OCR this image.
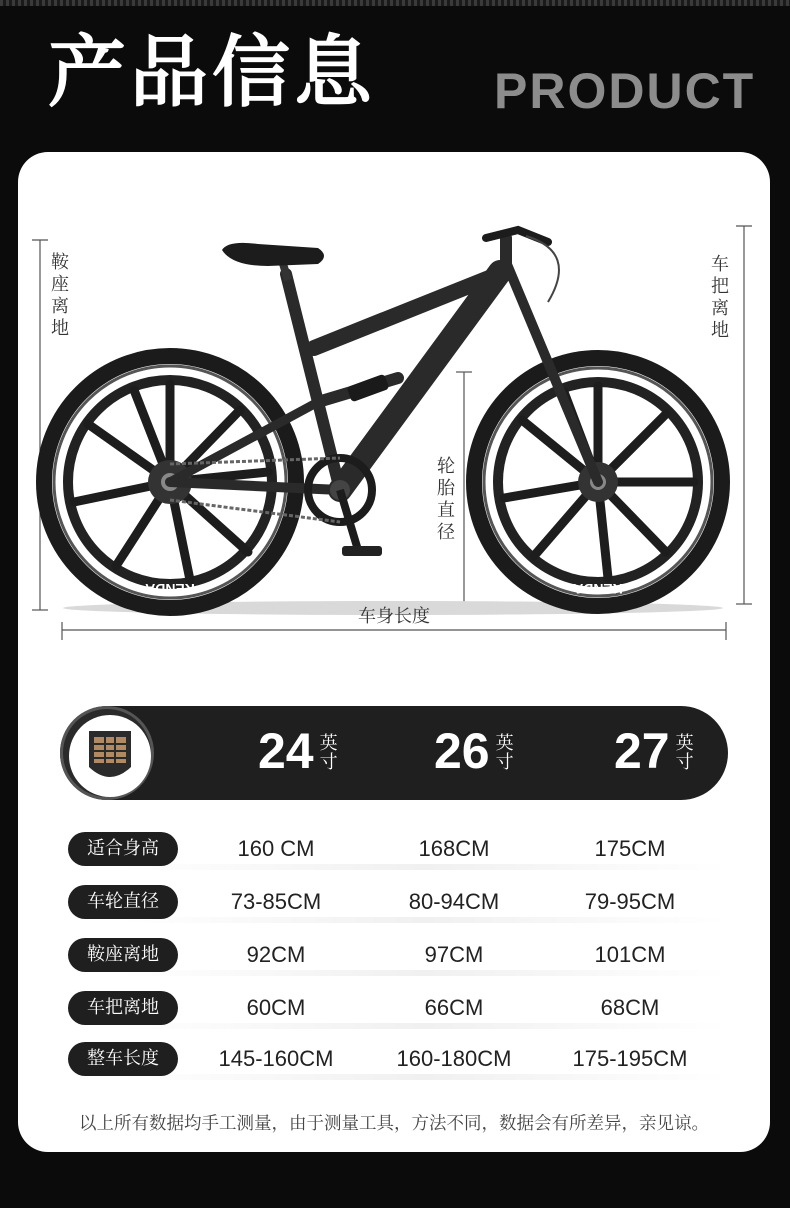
产品信息 PRODUCT
KENDA	KENDA
鞍座离地
车把离地
轮胎直径
车身长度
24 英寸 26 英寸 27 英寸
适合身高	160 CM	168CM	175CM
车轮直径	73-85CM	80-94CM	79-95CM
鞍座离地	92CM	97CM	101CM
车把离地	60CM	66CM	68CM
整车长度	145-160CM	160-180CM	175-195CM
以上所有数据均手工测量，由于测量工具，方法不同，数据会有所差异，亲见谅。
